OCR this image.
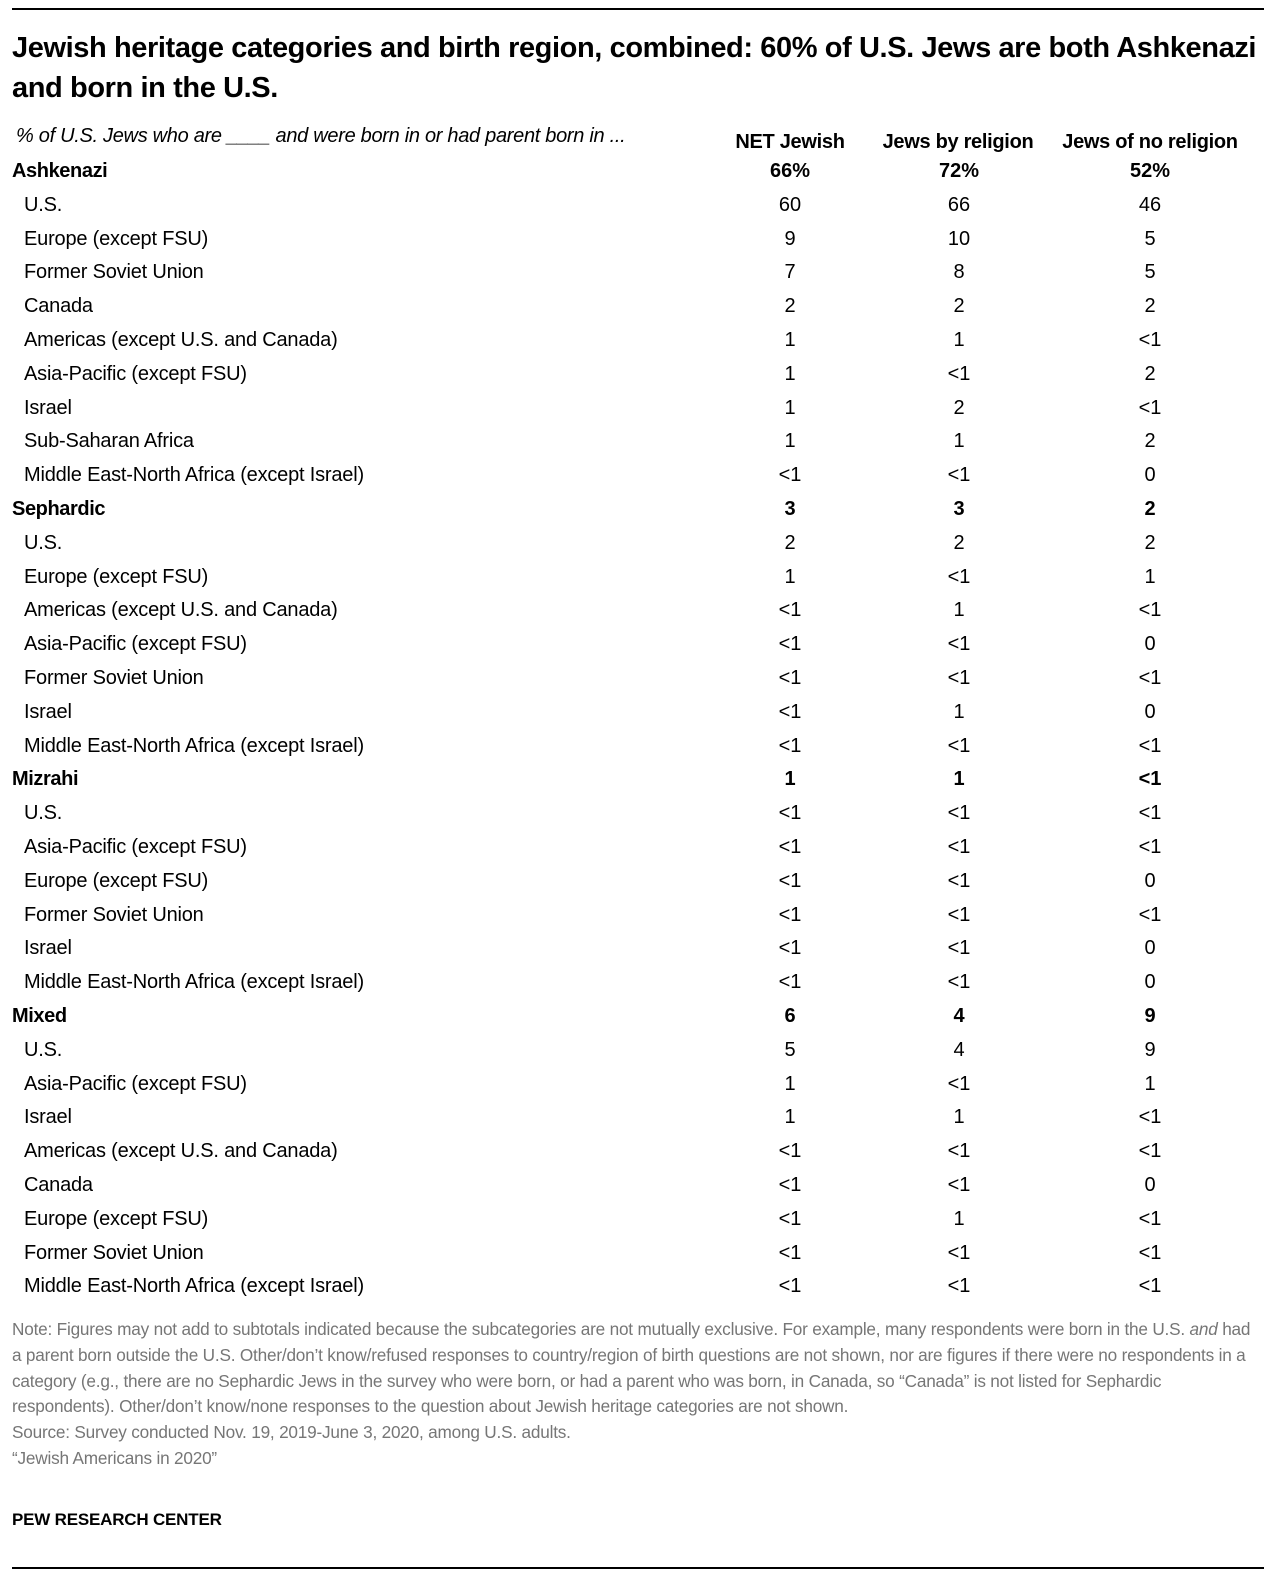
Jewish heritage categories and birth region, combined: 60% of U.S. Jews are both Ashkenazi and born in the U.S.
% of U.S. Jews who are ____ and were born in or had parent born in ...	NET Jewish	Jews by religion	Jews of no religion
Ashkenazi	66%	72%	52%
U.S.	60	66	46
Europe (except FSU)	9	10	5
Former Soviet Union	7	8	5
Canada	2	2	2
Americas (except U.S. and Canada)	1	1	<1
Asia-Pacific (except FSU)	1	<1	2
Israel	1	2	<1
Sub-Saharan Africa	1	1	2
Middle East-North Africa (except Israel)	<1	<1	0
Sephardic	3	3	2
U.S.	2	2	2
Europe (except FSU)	1	<1	1
Americas (except U.S. and Canada)	<1	1	<1
Asia-Pacific (except FSU)	<1	<1	0
Former Soviet Union	<1	<1	<1
Israel	<1	1	0
Middle East-North Africa (except Israel)	<1	<1	<1
Mizrahi	1	1	<1
U.S.	<1	<1	<1
Asia-Pacific (except FSU)	<1	<1	<1
Europe (except FSU)	<1	<1	0
Former Soviet Union	<1	<1	<1
Israel	<1	<1	0
Middle East-North Africa (except Israel)	<1	<1	0
Mixed	6	4	9
U.S.	5	4	9
Asia-Pacific (except FSU)	1	<1	1
Israel	1	1	<1
Americas (except U.S. and Canada)	<1	<1	<1
Canada	<1	<1	0
Europe (except FSU)	<1	1	<1
Former Soviet Union	<1	<1	<1
Middle East-North Africa (except Israel)	<1	<1	<1
Note: Figures may not add to subtotals indicated because the subcategories are not mutually exclusive. For example, many respondents were born in the U.S. and had a parent born outside the U.S. Other/don’t know/refused responses to country/region of birth questions are not shown, nor are figures if there were no respondents in a category (e.g., there are no Sephardic Jews in the survey who were born, or had a parent who was born, in Canada, so “Canada” is not listed for Sephardic respondents). Other/don’t know/none responses to the question about Jewish heritage categories are not shown.
Source: Survey conducted Nov. 19, 2019-June 3, 2020, among U.S. adults.
“Jewish Americans in 2020”
PEW RESEARCH CENTER
